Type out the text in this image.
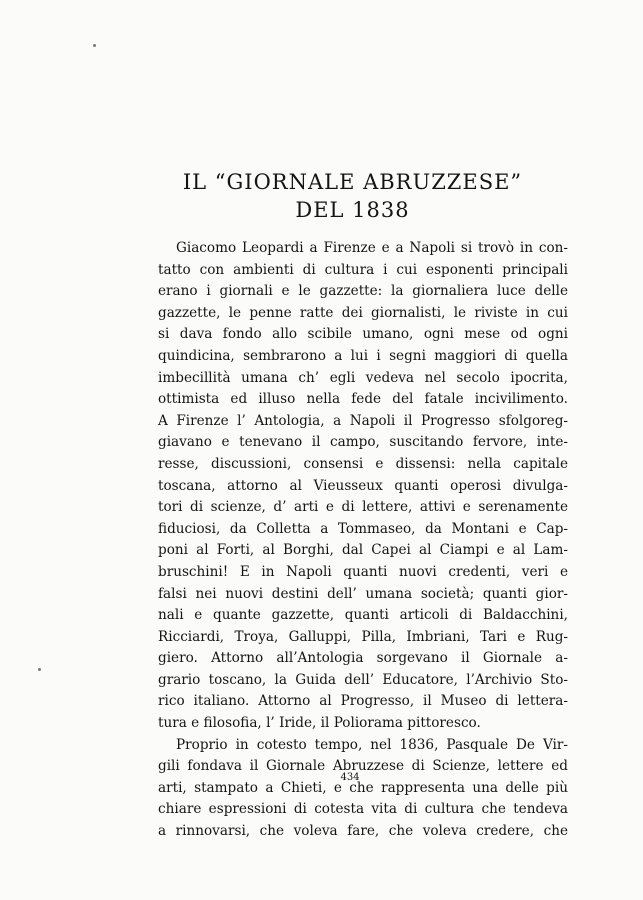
IL “GIORNALE ABRUZZESE”
DEL 1838
Giacomo Leopardi a Firenze e a Napoli si trovò in con-
tatto con ambienti di cultura i cui esponenti principali
erano i giornali e le gazzette: la giornaliera luce delle
gazzette, le penne ratte dei giornalisti, le riviste in cui
si dava fondo allo scibile umano, ogni mese od ogni
quindicina, sembrarono a lui i segni maggiori di quella
imbecillità umana ch’ egli vedeva nel secolo ipocrita,
ottimista ed illuso nella fede del fatale incivilimento.
A Firenze l’ Antologia, a Napoli il Progresso sfolgoreg-
giavano e tenevano il campo, suscitando fervore, inte-
resse, discussioni, consensi e dissensi: nella capitale
toscana, attorno al Vieusseux quanti operosi divulga-
tori di scienze, d’ arti e di lettere, attivi e serenamente
fiduciosi, da Colletta a Tommaseo, da Montani e Cap-
poni al Forti, al Borghi, dal Capei al Ciampi e al Lam-
bruschini! E in Napoli quanti nuovi credenti, veri e
falsi nei nuovi destini dell’ umana società; quanti gior-
nali e quante gazzette, quanti articoli di Baldacchini,
Ricciardi, Troya, Galluppi, Pilla, Imbriani, Tari e Rug-
giero. Attorno all’Antologia sorgevano il Giornale a-
grario toscano, la Guida dell’ Educatore, l’Archivio Sto-
rico italiano. Attorno al Progresso, il Museo di lettera-
tura e filosofia, l’ Iride, il Poliorama pittoresco.
Proprio in cotesto tempo, nel 1836, Pasquale De Vir-
gili fondava il Giornale Abruzzese di Scienze, lettere ed
arti, stampato a Chieti, e che rappresenta una delle più
chiare espressioni di cotesta vita di cultura che tendeva
a rinnovarsi, che voleva fare, che voleva credere, che
434
